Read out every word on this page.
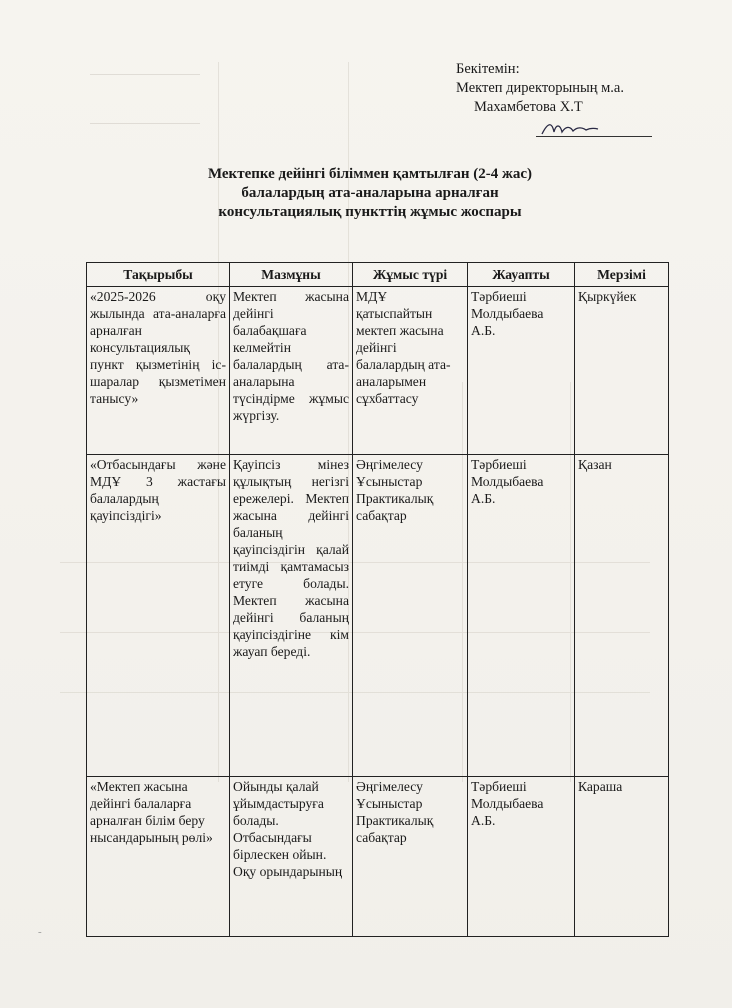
Бекітемін:
Мектеп директорының м.а.
Махамбетова Х.Т
Мектепке дейінгі біліммен қамтылған (2-4 жас)
балалардың ата-аналарына арналған
консультациялық пункттің жұмыс жоспары
Тақырыбы	Мазмұны	Жұмыс түрі	Жауапты	Мерзімі
«2025-2026 оқу жылында ата-аналарға арналған консультациялық пункт қызметінің іс-шаралар қызметімен танысу»	Мектеп жасына дейінгі балабақшаға келмейтін балалардың ата-аналарына түсіндірме жұмыс жүргізу.	МДҰ қатыспайтын мектеп жасына дейінгі балалардың ата-аналарымен сұхбаттасу	Тәрбиеші Молдыбаева А.Б.	Қыркүйек
«Отбасындағы және МДҰ 3 жастағы балалардың қауіпсіздігі»	Қауіпсіз мінез құлықтың негізгі ережелері. Мектеп жасына дейінгі баланың қауіпсіздігін қалай тиімді қамтамасыз етуге болады. Мектеп жасына дейінгі баланың қауіпсіздігіне кім жауап береді.	Әңгімелесу Ұсыныстар Практикалық сабақтар	Тәрбиеші Молдыбаева А.Б.	Қазан
«Мектеп жасына дейінгі балаларға арналған білім беру нысандарының рөлі»	Ойынды қалай ұйымдастыруға болады. Отбасындағы бірлескен ойын. Оқу орындарының	Әңгімелесу Ұсыныстар Практикалық сабақтар	Тәрбиеші Молдыбаева А.Б.	Караша
-
